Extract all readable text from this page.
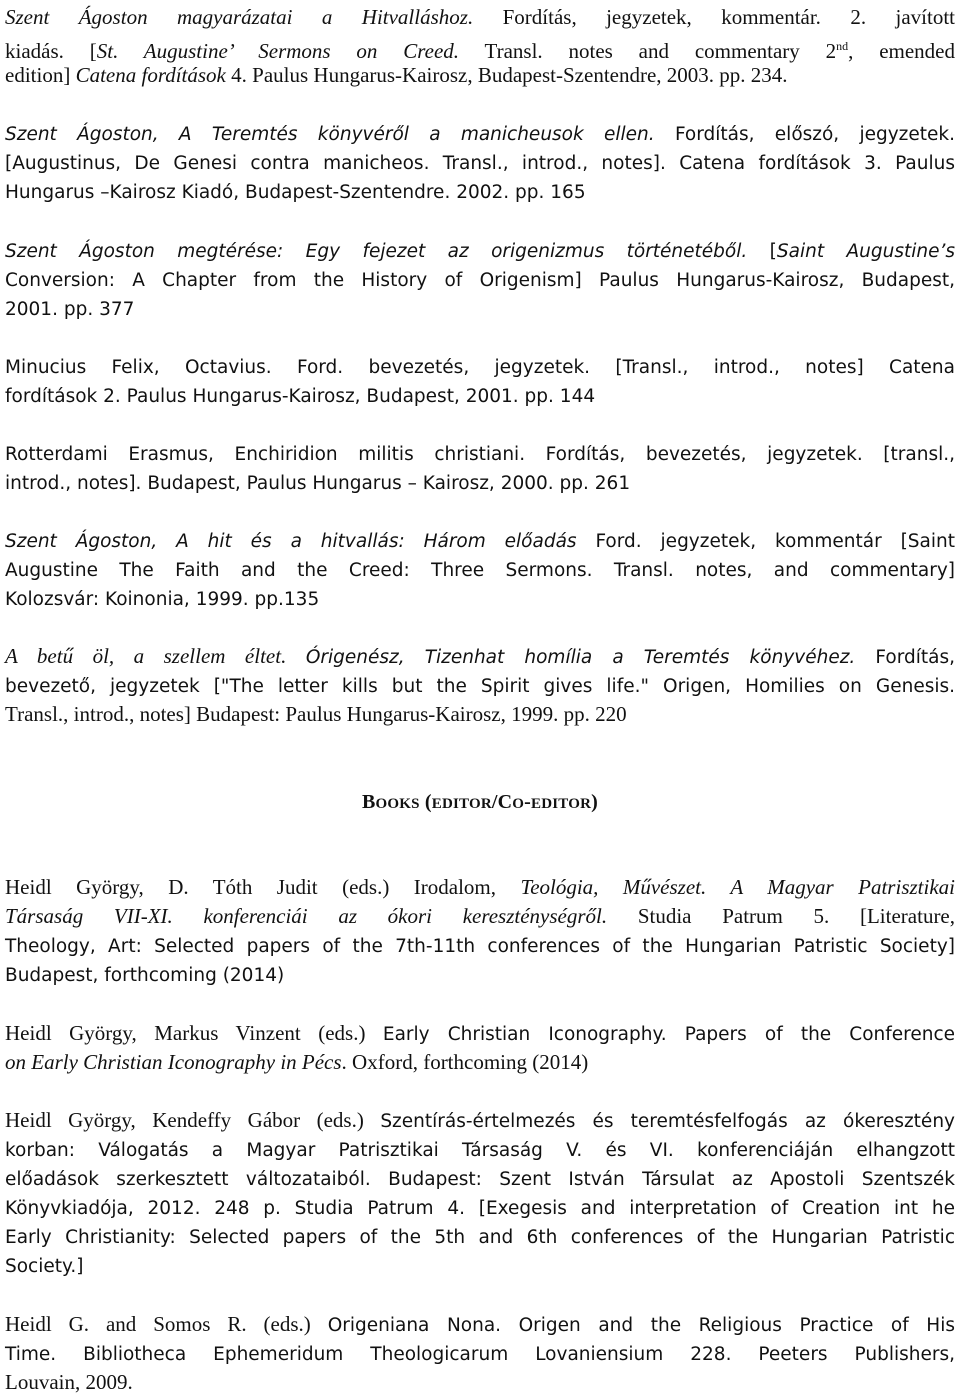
Szent Ágoston magyarázatai a Hitvalláshoz. Fordítás, jegyzetek, kommentár. 2. javított
kiadás. [St. Augustine’ Sermons on Creed. Transl. notes and commentary 2nd, emended
edition] Catena fordítások 4. Paulus Hungarus-Kairosz, Budapest-Szentendre, 2003. pp. 234.
Szent Ágoston, A Teremtés könyvéről a manicheusok ellen. Fordítás, előszó, jegyzetek.
[Augustinus, De Genesi contra manicheos. Transl., introd., notes]. Catena fordítások 3. Paulus
Hungarus –Kairosz Kiadó, Budapest-Szentendre. 2002. pp. 165
Szent Ágoston megtérése: Egy fejezet az origenizmus történetéből. [Saint Augustine’s
Conversion: A Chapter from the History of Origenism] Paulus Hungarus-Kairosz, Budapest,
2001. pp. 377
Minucius Felix, Octavius. Ford. bevezetés, jegyzetek. [Transl., introd., notes] Catena
fordítások 2. Paulus Hungarus-Kairosz, Budapest, 2001. pp. 144
Rotterdami Erasmus, Enchiridion militis christiani. Fordítás, bevezetés, jegyzetek. [transl.,
introd., notes]. Budapest, Paulus Hungarus – Kairosz, 2000. pp. 261
Szent Ágoston, A hit és a hitvallás: Három előadás Ford. jegyzetek, kommentár [Saint
Augustine The Faith and the Creed: Three Sermons. Transl. notes, and commentary]
Kolozsvár: Koinonia, 1999. pp.135
A betű öl, a szellem éltet. Órigenész, Tizenhat homília a Teremtés könyvéhez. Fordítás,
bevezető, jegyzetek ["The letter kills but the Spirit gives life." Origen, Homilies on Genesis.
Transl., introd., notes] Budapest: Paulus Hungarus-Kairosz, 1999. pp. 220
Heidl György, D. Tóth Judit (eds.) Irodalom, Teológia, Művészet. A Magyar Patrisztikai
Társaság VII-XI. konferenciái az ókori kereszténységről. Studia Patrum 5. [Literature,
Theology, Art: Selected papers of the 7th-11th conferences of the Hungarian Patristic Society]
Budapest, forthcoming (2014)
Heidl György, Markus Vinzent (eds.) Early Christian Iconography. Papers of the Conference
on Early Christian Iconography in Pécs. Oxford, forthcoming (2014)
Heidl György, Kendeffy Gábor (eds.) Szentírás-értelmezés és teremtésfelfogás az ókeresztény
korban: Válogatás a Magyar Patrisztikai Társaság V. és VI. konferenciáján elhangzott
előadások szerkesztett változataiból. Budapest: Szent István Társulat az Apostoli Szentszék
Könyvkiadója, 2012. 248 p. Studia Patrum 4. [Exegesis and interpretation of Creation int he
Early Christianity: Selected papers of the 5th and 6th conferences of the Hungarian Patristic
Society.]
Heidl G. and Somos R. (eds.) Origeniana Nona. Origen and the Religious Practice of His
Time. Bibliotheca Ephemeridum Theologicarum Lovaniensium 228. Peeters Publishers,
Louvain, 2009.
BOOKS (EDITOR/CO-EDITOR)
